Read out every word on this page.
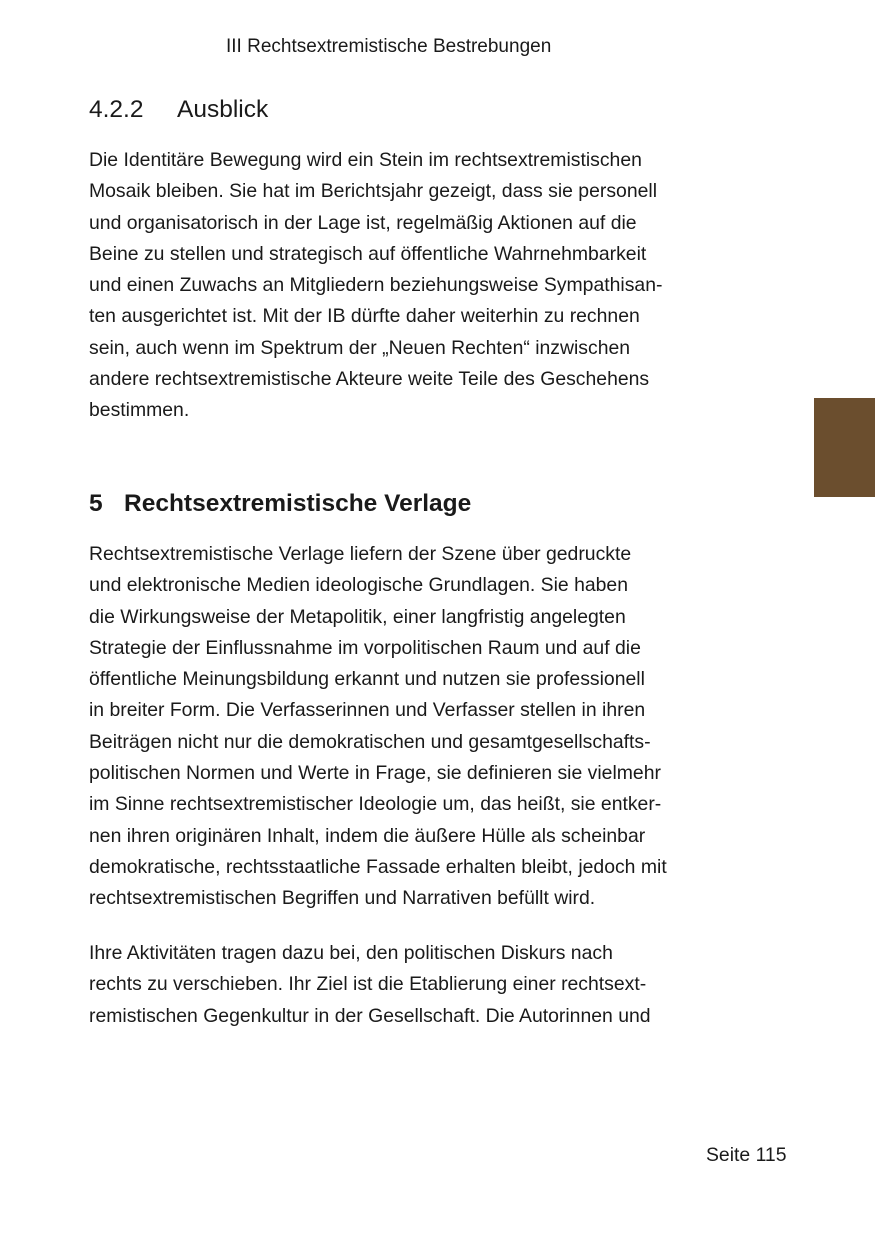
III Rechtsextremistische Bestrebungen
4.2.2 Ausblick

Die Identitäre Bewegung wird ein Stein im rechtsextremistischen
Mosaik bleiben. Sie hat im Berichtsjahr gezeigt, dass sie personell
und organisatorisch in der Lage ist, regelmäßig Aktionen auf die
Beine zu stellen und strategisch auf öffentliche Wahrnehmbarkeit
und einen Zuwachs an Mitgliedern beziehungsweise Sympathisan-
ten ausgerichtet ist. Mit der IB dürfte daher weiterhin zu rechnen
sein, auch wenn im Spektrum der „Neuen Rechten“ inzwischen
andere rechtsextremistische Akteure weite Teile des Geschehens
bestimmen.

5 Rechtsextremistische Verlage

Rechtsextremistische Verlage liefern der Szene über gedruckte
und elektronische Medien ideologische Grundlagen. Sie haben
die Wirkungsweise der Metapolitik, einer langfristig angelegten
Strategie der Einflussnahme im vorpolitischen Raum und auf die
öffentliche Meinungsbildung erkannt und nutzen sie professionell
in breiter Form. Die Verfasserinnen und Verfasser stellen in ihren
Beiträgen nicht nur die demokratischen und gesamtgesellschafts-
politischen Normen und Werte in Frage, sie definieren sie vielmehr
im Sinne rechtsextremistischer Ideologie um, das heißt, sie entker-
nen ihren originären Inhalt, indem die äußere Hülle als scheinbar
demokratische, rechtsstaatliche Fassade erhalten bleibt, jedoch mit
rechtsextremistischen Begriffen und Narrativen befüllt wird.

Ihre Aktivitäten tragen dazu bei, den politischen Diskurs nach
rechts zu verschieben. Ihr Ziel ist die Etablierung einer rechtsext-
remistischen Gegenkultur in der Gesellschaft. Die Autorinnen und

Seite 115
